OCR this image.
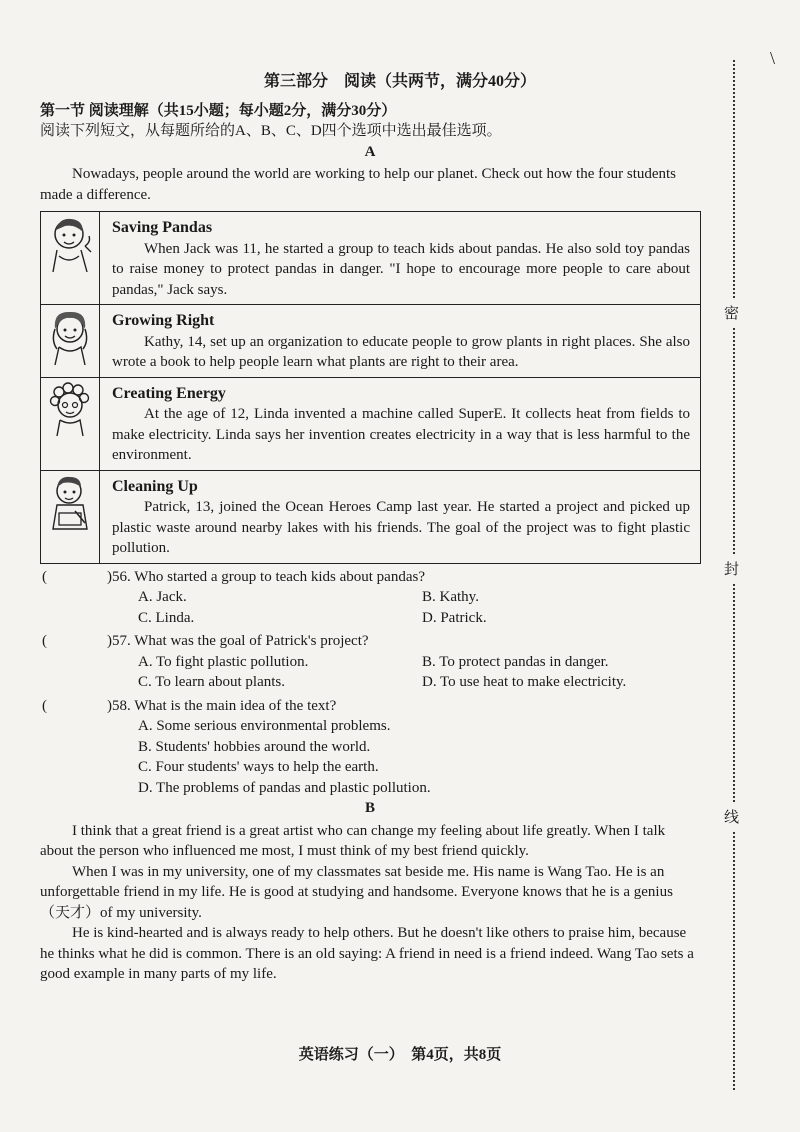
\
密
封
线
第三部分　阅读（共两节，满分40分）
第一节 阅读理解（共15小题；每小题2分，满分30分）
阅读下列短文，从每题所给的A、B、C、D四个选项中选出最佳选项。
A

Nowadays, people around the world are working to help our planet. Check out how the four students made a difference.

Saving Pandas

When Jack was 11, he started a group to teach kids about pandas. He also sold toy pandas to raise money to protect pandas in danger. "I hope to encourage more people to care about pandas," Jack says.

Growing Right

Kathy, 14, set up an organization to educate people to grow plants in right places. She also wrote a book to help people learn what plants are right to their area.

Creating Energy

At the age of 12, Linda invented a machine called SuperE. It collects heat from fields to make electricity. Linda says her invention creates electricity in a way that is less harmful to the environment.

Cleaning Up

Patrick, 13, joined the Ocean Heroes Camp last year. He started a project and picked up plastic waste around nearby lakes with his friends. The goal of the project was to fight plastic pollution.

(	) 56. Who started a group to teach kids about pandas?
A. Jack.	B. Kathy.
C. Linda.	D. Patrick.
(	) 57. What was the goal of Patrick's project?
A. To fight plastic pollution.	B. To protect pandas in danger.
C. To learn about plants.	D. To use heat to make electricity.
(	) 58. What is the main idea of the text?
A. Some serious environmental problems.
B. Students' hobbies around the world.
C. Four students' ways to help the earth.
D. The problems of pandas and plastic pollution.
B

I think that a great friend is a great artist who can change my feeling about life greatly. When I talk about the person who influenced me most, I must think of my best friend quickly.

When I was in my university, one of my classmates sat beside me. His name is Wang Tao. He is an unforgettable friend in my life. He is good at studying and handsome. Everyone knows that he is a genius（天才）of my university.

He is kind-hearted and is always ready to help others. But he doesn't like others to praise him, because he thinks what he did is common. There is an old saying: A friend in need is a friend indeed. Wang Tao sets a good example in many parts of my life.

英语练习（一）　第4页，共8页
